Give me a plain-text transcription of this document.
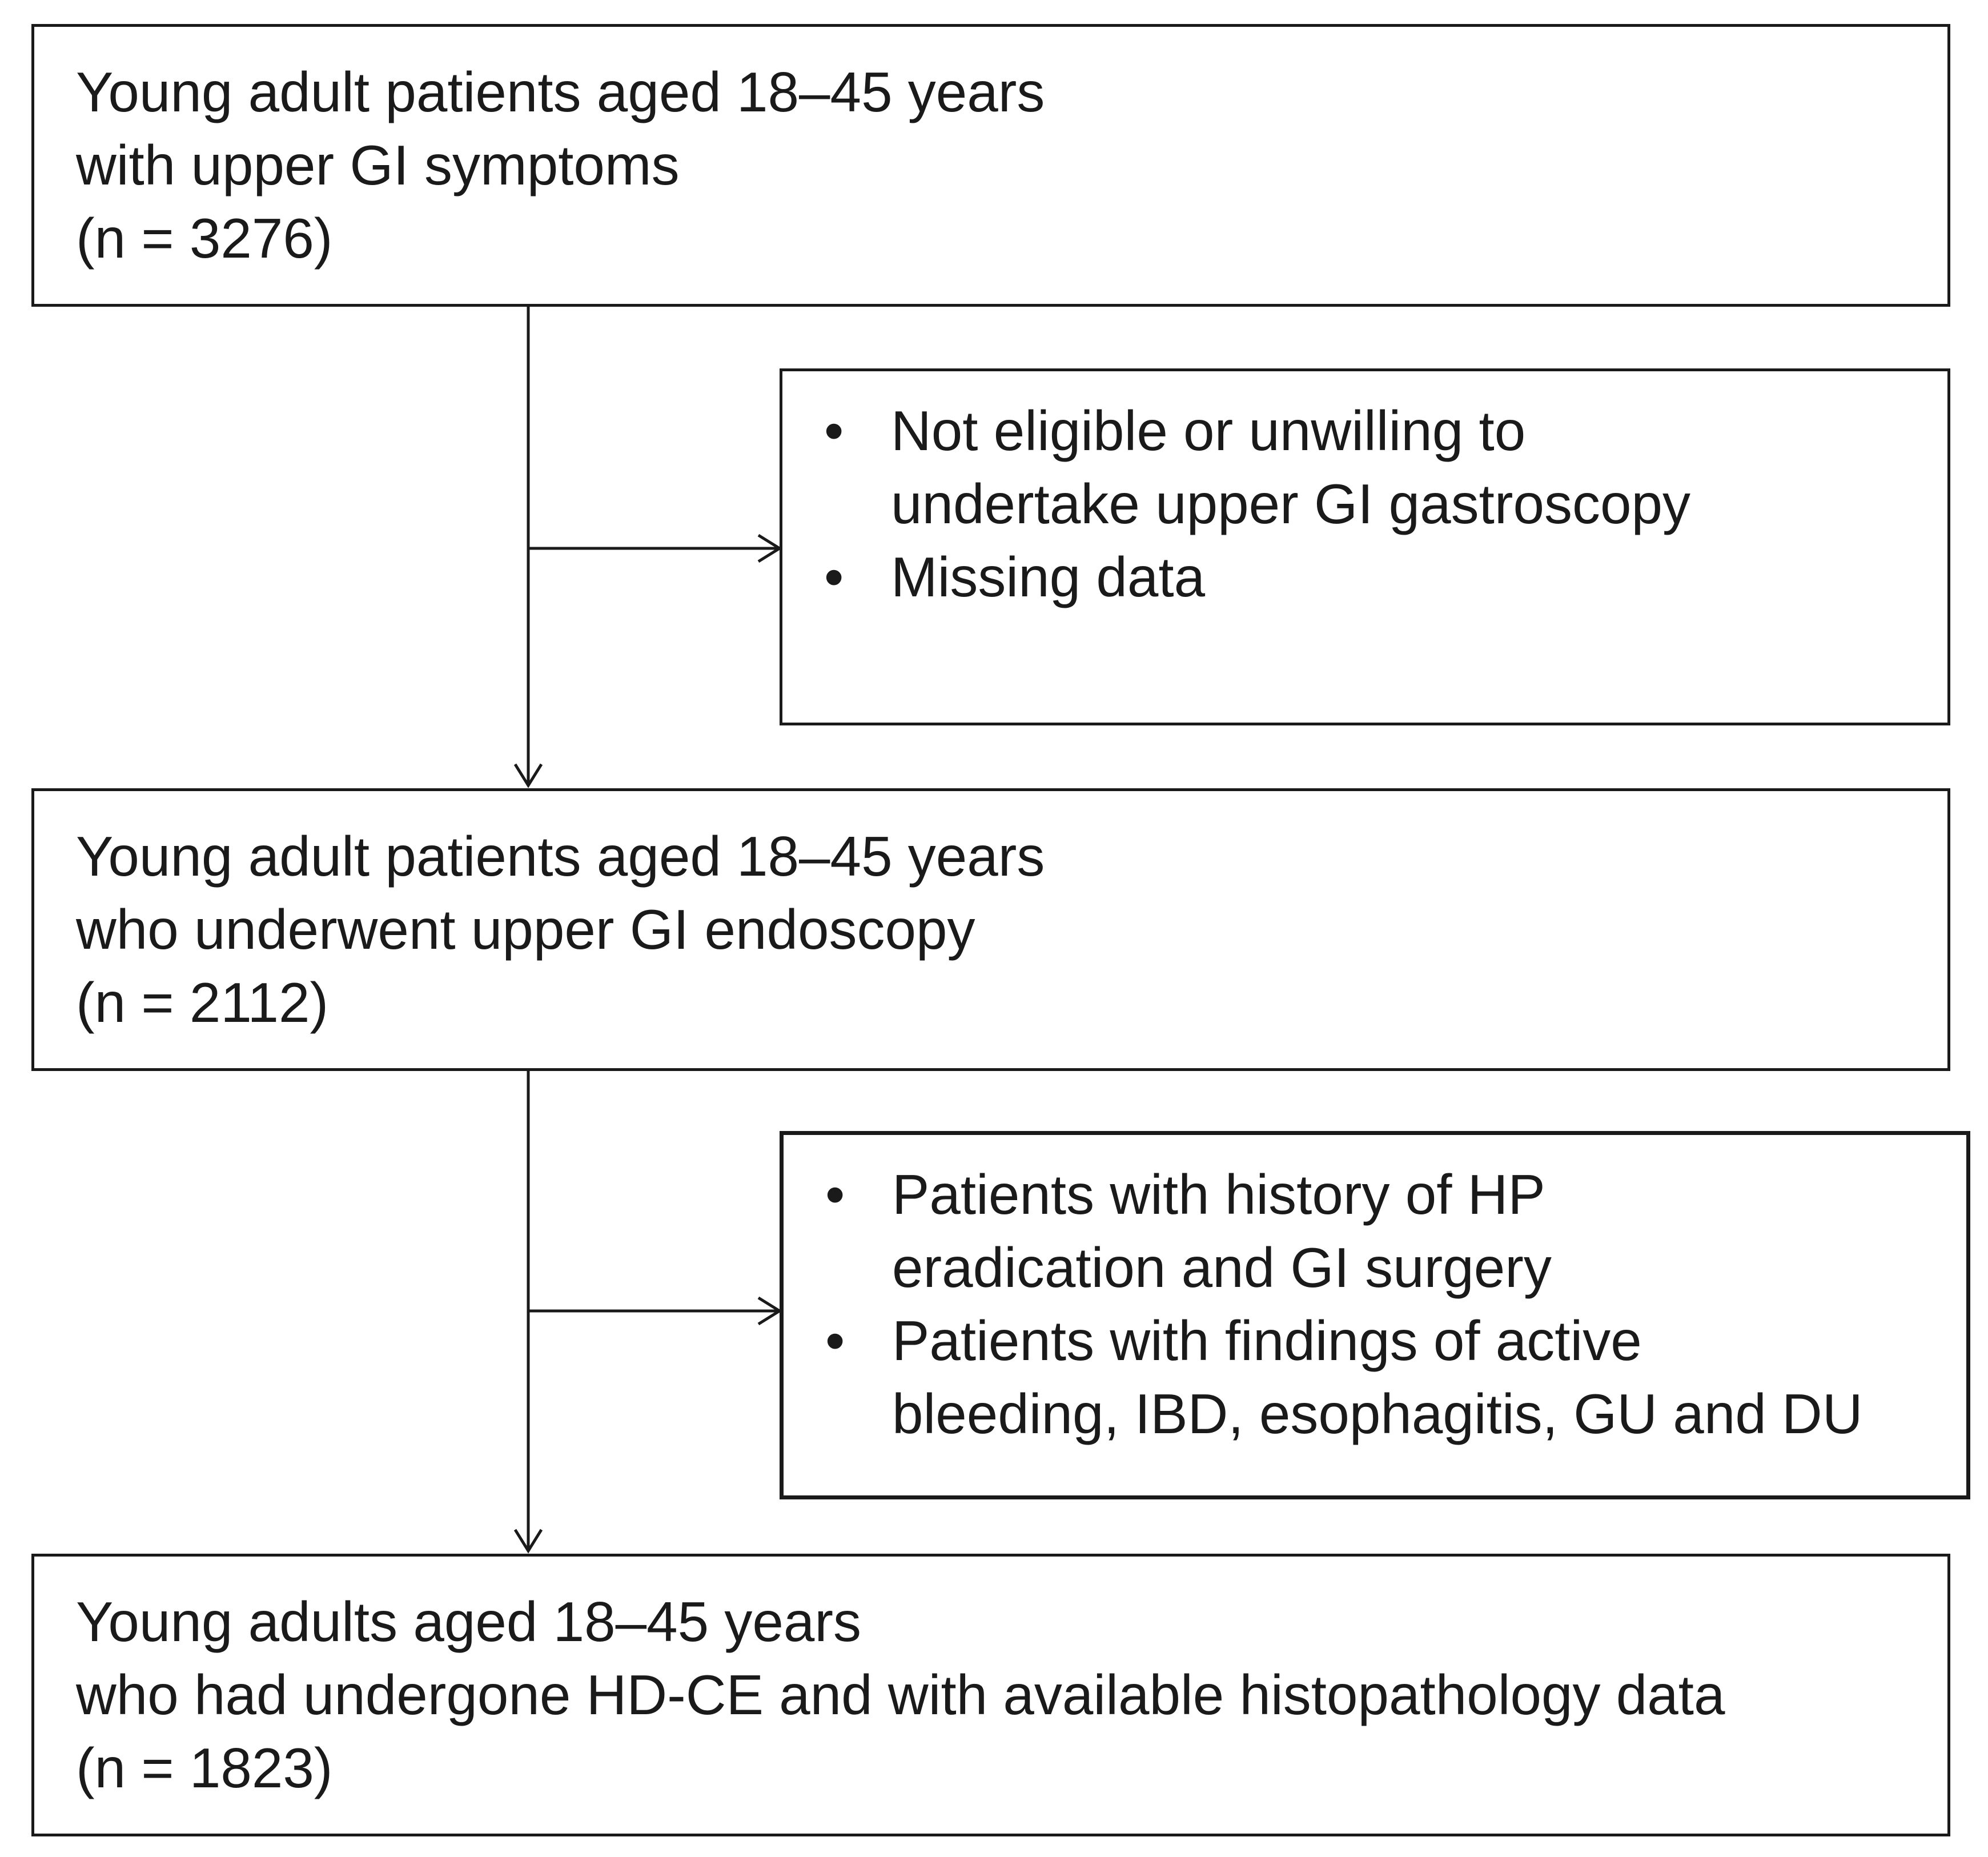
Young adult patients aged 18–45 years
with upper GI symptoms
(n = 3276)
• Not eligible or unwilling to
undertake upper GI gastroscopy
• Missing data
Young adult patients aged 18–45 years
who underwent upper GI endoscopy
(n = 2112)
• Patients with history of HP
eradication and GI surgery
• Patients with findings of active
bleeding, IBD, esophagitis, GU and DU
Young adults aged 18–45 years
who had undergone HD-CE and with available histopathology data
(n = 1823)
